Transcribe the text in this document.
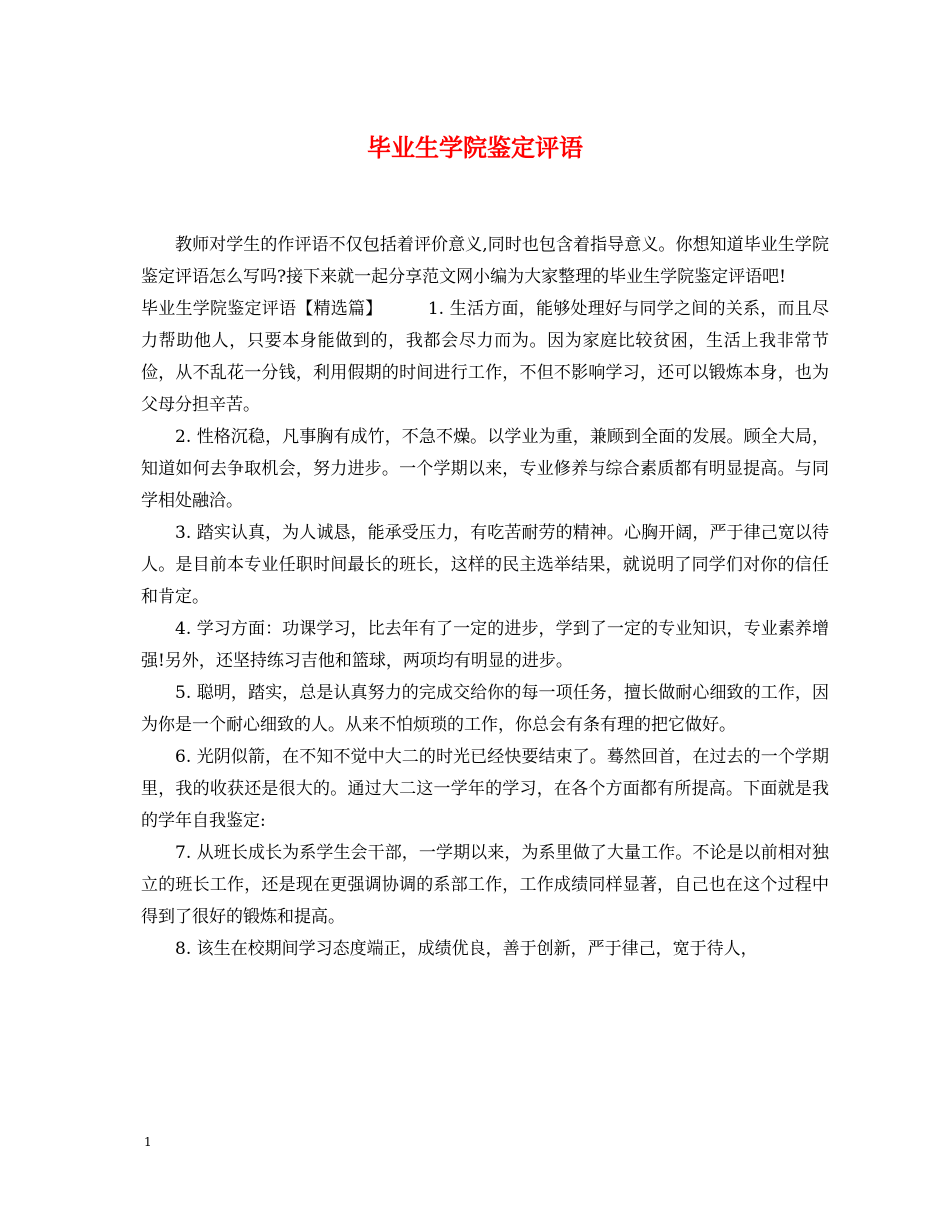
毕业生学院鉴定评语

教师对学生的作评语不仅包括着评价意义,同时也包含着指导意义。你想知道毕业生学院鉴定评语怎么写吗?接下来就一起分享范文网小编为大家整理的毕业生学院鉴定评语吧!

毕业生学院鉴定评语【精选篇】	1. 生活方面，能够处理好与同学之间的关系，而且尽力帮助他人，只要本身能做到的，我都会尽力而为。因为家庭比较贫困，生活上我非常节俭，从不乱花一分钱，利用假期的时间进行工作，不但不影响学习，还可以锻炼本身，也为父母分担辛苦。

2. 性格沉稳，凡事胸有成竹，不急不燥。以学业为重，兼顾到全面的发展。顾全大局，知道如何去争取机会，努力进步。一个学期以来，专业修养与综合素质都有明显提高。与同学相处融洽。

3. 踏实认真，为人诚恳，能承受压力，有吃苦耐劳的精神。心胸开阔，严于律己宽以待人。是目前本专业任职时间最长的班长，这样的民主选举结果，就说明了同学们对你的信任和肯定。

4. 学习方面：功课学习，比去年有了一定的进步，学到了一定的专业知识，专业素养增强!另外，还坚持练习吉他和篮球，两项均有明显的进步。

5. 聪明，踏实，总是认真努力的完成交给你的每一项任务，擅长做耐心细致的工作，因为你是一个耐心细致的人。从来不怕烦琐的工作，你总会有条有理的把它做好。

6. 光阴似箭，在不知不觉中大二的时光已经快要结束了。蓦然回首，在过去的一个学期里，我的收获还是很大的。通过大二这一学年的学习，在各个方面都有所提高。下面就是我的学年自我鉴定:

7. 从班长成长为系学生会干部，一学期以来，为系里做了大量工作。不论是以前相对独立的班长工作，还是现在更强调协调的系部工作，工作成绩同样显著，自己也在这个过程中得到了很好的锻炼和提高。

8. 该生在校期间学习态度端正，成绩优良，善于创新，严于律己，宽于待人，

1
